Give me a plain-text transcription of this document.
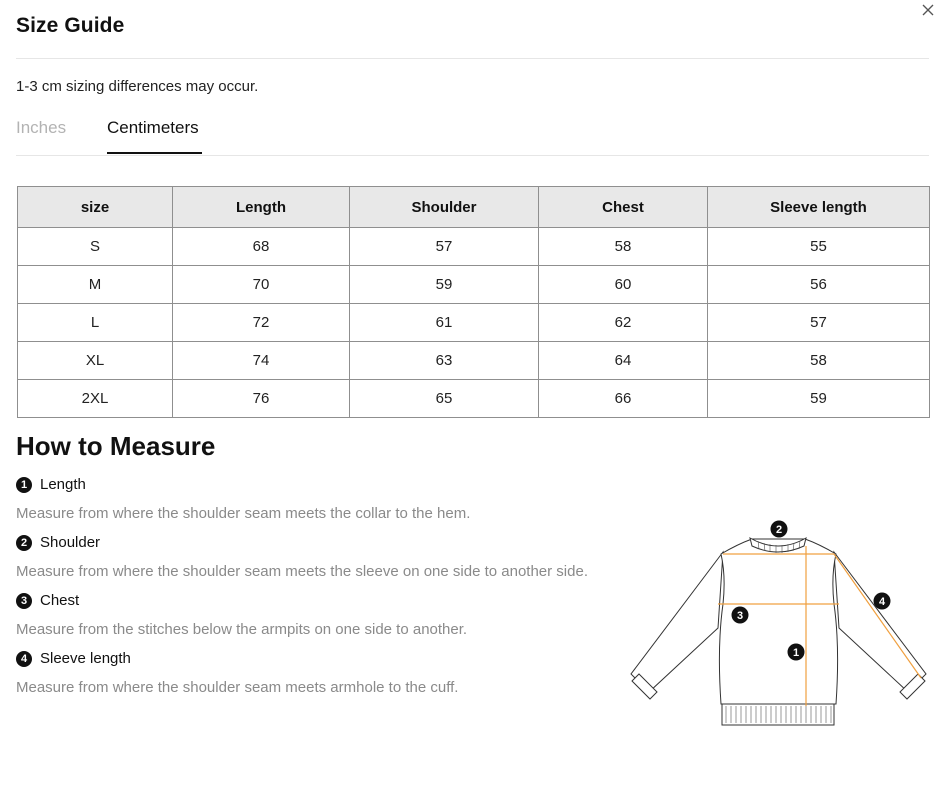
Size Guide
1-3 cm sizing differences may occur.
Inches Centimeters
size	Length	Shoulder	Chest	Sleeve length
S	68	57	58	55
M	70	59	60	56
L	72	61	62	57
XL	74	63	64	58
2XL	76	65	66	59
How to Measure
1 Length
Measure from where the shoulder seam meets the collar to the hem.
2 Shoulder
Measure from where the shoulder seam meets the sleeve on one side to another side.
3 Chest
Measure from the stitches below the armpits on one side to another.
4 Sleeve length
Measure from where the shoulder seam meets armhole to the cuff.
2
3
4
1
